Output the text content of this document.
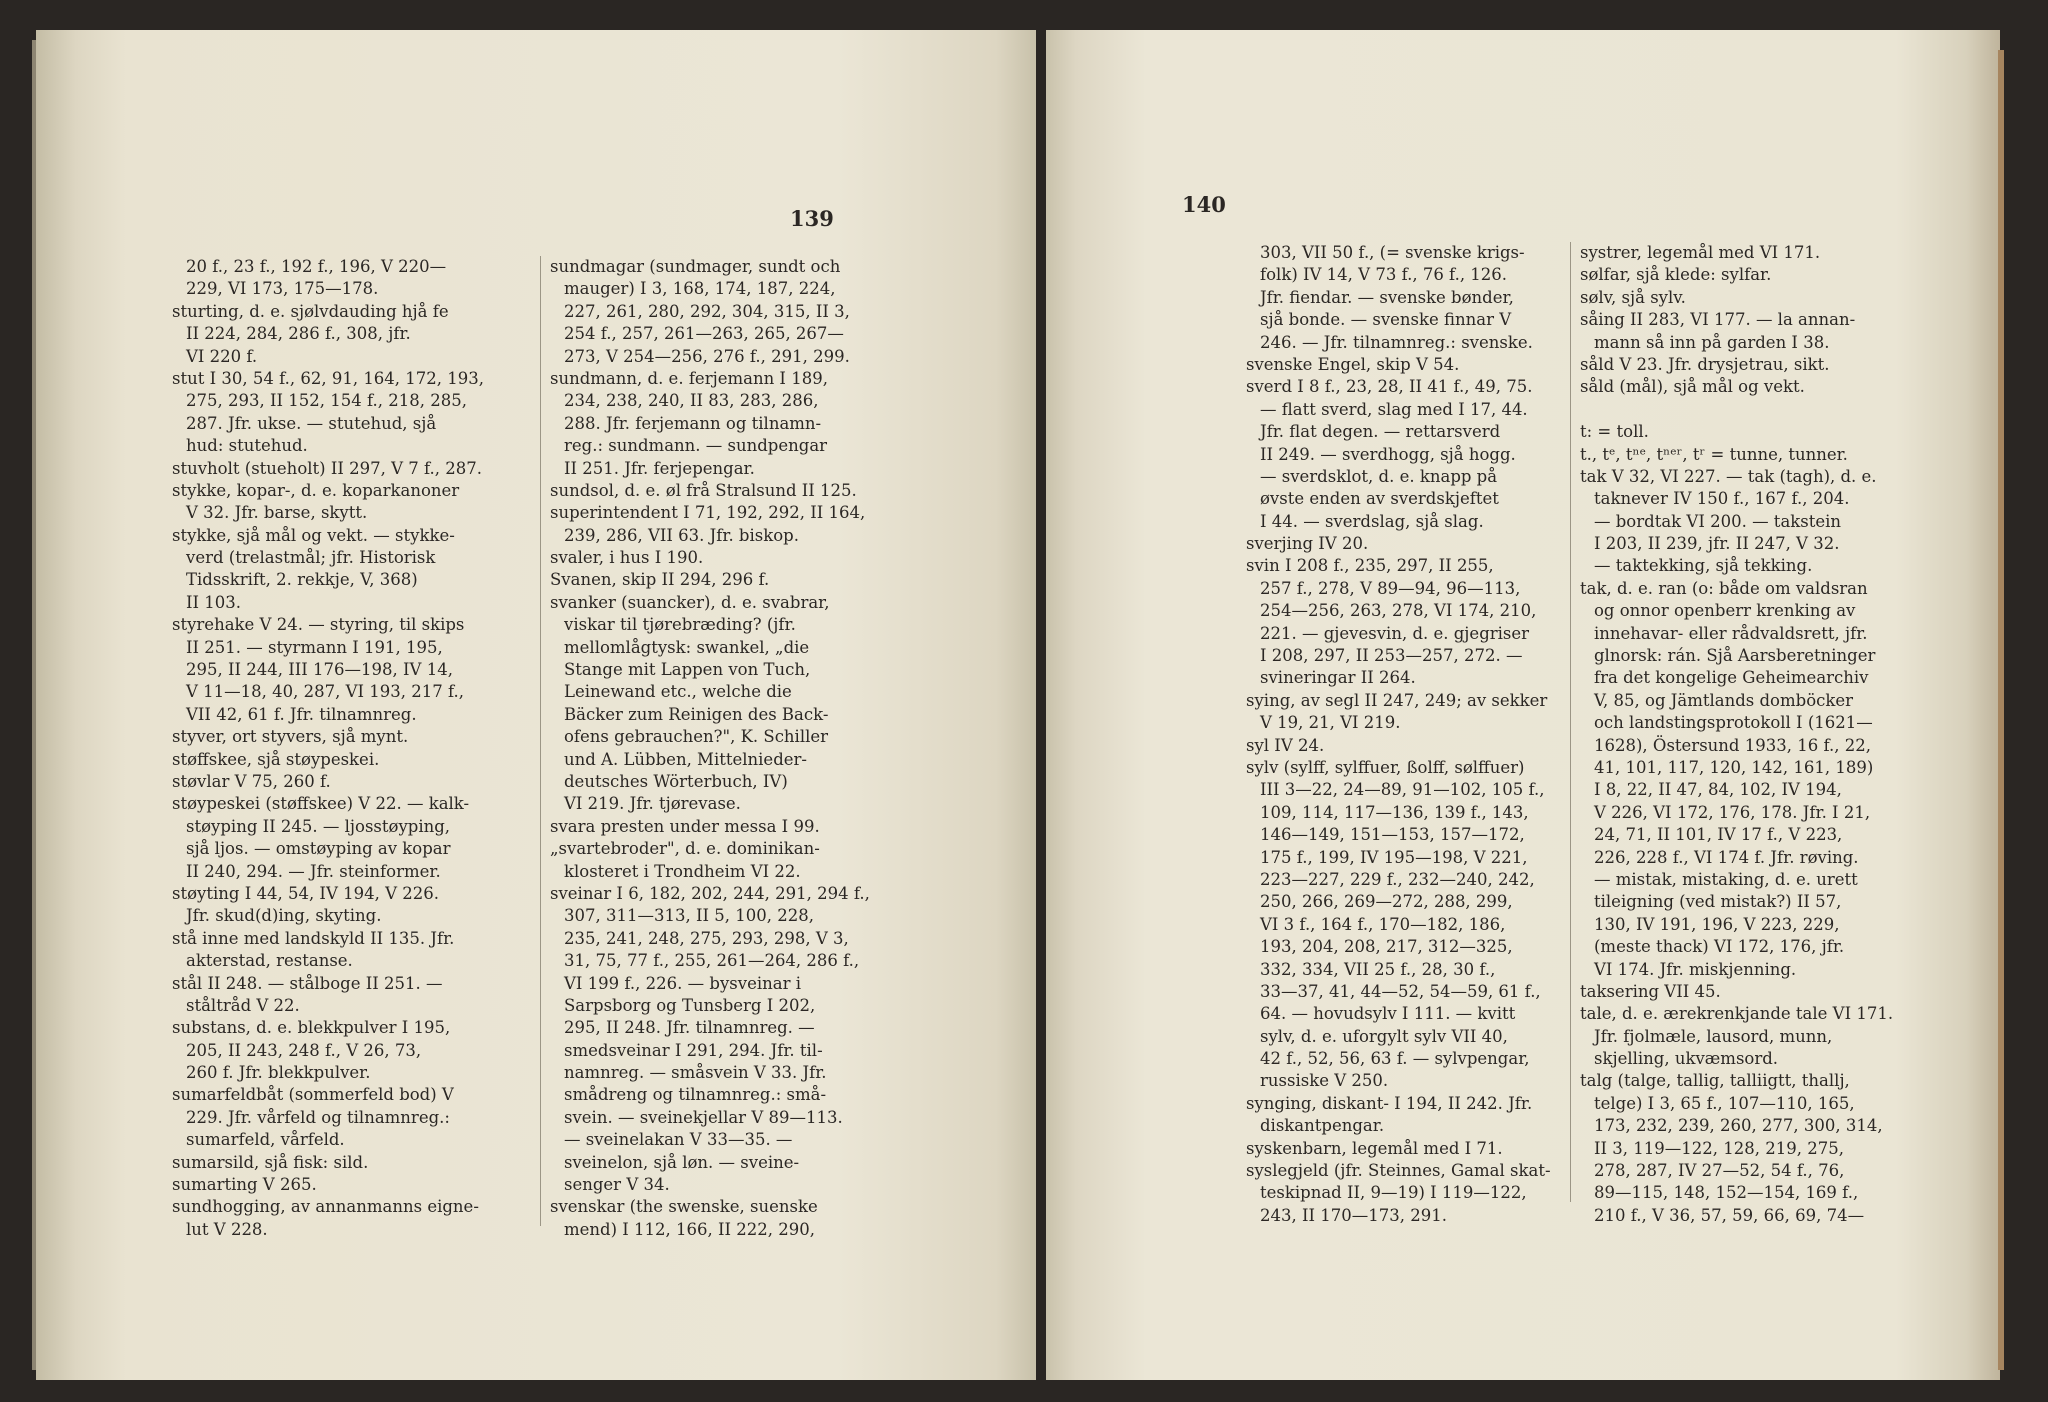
139
20 f., 23 f., 192 f., 196, V 220—
229, VI 173, 175—178.
sturting, d. e. sjølvdauding hjå fe
II 224, 284, 286 f., 308, jfr.
VI 220 f.
stut I 30, 54 f., 62, 91, 164, 172, 193,
275, 293, II 152, 154 f., 218, 285,
287. Jfr. ukse. — stutehud, sjå
hud: stutehud.
stuvholt (stueholt) II 297, V 7 f., 287.
stykke, kopar-, d. e. koparkanoner
V 32. Jfr. barse, skytt.
stykke, sjå mål og vekt. — stykke-
verd (trelastmål; jfr. Historisk
Tidsskrift, 2. rekkje, V, 368)
II 103.
styrehake V 24. — styring, til skips
II 251. — styrmann I 191, 195,
295, II 244, III 176—198, IV 14,
V 11—18, 40, 287, VI 193, 217 f.,
VII 42, 61 f. Jfr. tilnamnreg.
styver, ort styvers, sjå mynt.
støffskee, sjå støypeskei.
støvlar V 75, 260 f.
støypeskei (støffskee) V 22. — kalk-
støyping II 245. — ljosstøyping,
sjå ljos. — omstøyping av kopar
II 240, 294. — Jfr. steinformer.
støyting I 44, 54, IV 194, V 226.
Jfr. skud(d)ing, skyting.
stå inne med landskyld II 135. Jfr.
akterstad, restanse.
stål II 248. — stålboge II 251. —
ståltråd V 22.
substans, d. e. blekkpulver I 195,
205, II 243, 248 f., V 26, 73,
260 f. Jfr. blekkpulver.
sumarfeldbåt (sommerfeld bod) V
229. Jfr. vårfeld og tilnamnreg.:
sumarfeld, vårfeld.
sumarsild, sjå fisk: sild.
sumarting V 265.
sundhogging, av annanmanns eigne-
lut V 228.
sundmagar (sundmager, sundt och
mauger) I 3, 168, 174, 187, 224,
227, 261, 280, 292, 304, 315, II 3,
254 f., 257, 261—263, 265, 267—
273, V 254—256, 276 f., 291, 299.
sundmann, d. e. ferjemann I 189,
234, 238, 240, II 83, 283, 286,
288. Jfr. ferjemann og tilnamn-
reg.: sundmann. — sundpengar
II 251. Jfr. ferjepengar.
sundsol, d. e. øl frå Stralsund II 125.
superintendent I 71, 192, 292, II 164,
239, 286, VII 63. Jfr. biskop.
svaler, i hus I 190.
Svanen, skip II 294, 296 f.
svanker (suancker), d. e. svabrar,
viskar til tjørebræding? (jfr.
mellomlågtysk: swankel, „die
Stange mit Lappen von Tuch,
Leinewand etc., welche die
Bäcker zum Reinigen des Back-
ofens gebrauchen?", K. Schiller
und A. Lübben, Mittelnieder-
deutsches Wörterbuch, IV)
VI 219. Jfr. tjørevase.
svara presten under messa I 99.
„svartebroder", d. e. dominikan-
klosteret i Trondheim VI 22.
sveinar I 6, 182, 202, 244, 291, 294 f.,
307, 311—313, II 5, 100, 228,
235, 241, 248, 275, 293, 298, V 3,
31, 75, 77 f., 255, 261—264, 286 f.,
VI 199 f., 226. — bysveinar i
Sarpsborg og Tunsberg I 202,
295, II 248. Jfr. tilnamnreg. —
smedsveinar I 291, 294. Jfr. til-
namnreg. — småsvein V 33. Jfr.
smådreng og tilnamnreg.: små-
svein. — sveinekjellar V 89—113.
— sveinelakan V 33—35. —
sveinelon, sjå løn. — sveine-
senger V 34.
svenskar (the swenske, suenske
mend) I 112, 166, II 222, 290,
140
303, VII 50 f., (= svenske krigs-
folk) IV 14, V 73 f., 76 f., 126.
Jfr. fiendar. — svenske bønder,
sjå bonde. — svenske finnar V
246. — Jfr. tilnamnreg.: svenske.
svenske Engel, skip V 54.
sverd I 8 f., 23, 28, II 41 f., 49, 75.
— flatt sverd, slag med I 17, 44.
Jfr. flat degen. — rettarsverd
II 249. — sverdhogg, sjå hogg.
— sverdsklot, d. e. knapp på
øvste enden av sverdskjeftet
I 44. — sverdslag, sjå slag.
sverjing IV 20.
svin I 208 f., 235, 297, II 255,
257 f., 278, V 89—94, 96—113,
254—256, 263, 278, VI 174, 210,
221. — gjevesvin, d. e. gjegriser
I 208, 297, II 253—257, 272. —
svineringar II 264.
sying, av segl II 247, 249; av sekker
V 19, 21, VI 219.
syl IV 24.
sylv (sylff, sylffuer, ßolff, sølffuer)
III 3—22, 24—89, 91—102, 105 f.,
109, 114, 117—136, 139 f., 143,
146—149, 151—153, 157—172,
175 f., 199, IV 195—198, V 221,
223—227, 229 f., 232—240, 242,
250, 266, 269—272, 288, 299,
VI 3 f., 164 f., 170—182, 186,
193, 204, 208, 217, 312—325,
332, 334, VII 25 f., 28, 30 f.,
33—37, 41, 44—52, 54—59, 61 f.,
64. — hovudsylv I 111. — kvitt
sylv, d. e. uforgylt sylv VII 40,
42 f., 52, 56, 63 f. — sylvpengar,
russiske V 250.
synging, diskant- I 194, II 242. Jfr.
diskantpengar.
syskenbarn, legemål med I 71.
syslegjeld (jfr. Steinnes, Gamal skat-
teskipnad II, 9—19) I 119—122,
243, II 170—173, 291.
systrer, legemål med VI 171.
sølfar, sjå klede: sylfar.
sølv, sjå sylv.
såing II 283, VI 177. — la annan-
mann så inn på garden I 38.
såld V 23. Jfr. drysjetrau, sikt.
såld (mål), sjå mål og vekt.
t: = toll.
t., tᵉ, tⁿᵉ, tⁿᵉʳ, tʳ = tunne, tunner.
tak V 32, VI 227. — tak (tagh), d. e.
taknever IV 150 f., 167 f., 204.
— bordtak VI 200. — takstein
I 203, II 239, jfr. II 247, V 32.
— taktekking, sjå tekking.
tak, d. e. ran (o: både om valdsran
og onnor openberr krenking av
innehavar- eller rådvaldsrett, jfr.
glnorsk: rán. Sjå Aarsberetninger
fra det kongelige Geheimearchiv
V, 85, og Jämtlands domböcker
och landstingsprotokoll I (1621—
1628), Östersund 1933, 16 f., 22,
41, 101, 117, 120, 142, 161, 189)
I 8, 22, II 47, 84, 102, IV 194,
V 226, VI 172, 176, 178. Jfr. I 21,
24, 71, II 101, IV 17 f., V 223,
226, 228 f., VI 174 f. Jfr. røving.
— mistak, mistaking, d. e. urett
tileigning (ved mistak?) II 57,
130, IV 191, 196, V 223, 229,
(meste thack) VI 172, 176, jfr.
VI 174. Jfr. miskjenning.
taksering VII 45.
tale, d. e. ærekrenkjande tale VI 171.
Jfr. fjolmæle, lausord, munn,
skjelling, ukvæmsord.
talg (talge, tallig, talliigtt, thallj,
telge) I 3, 65 f., 107—110, 165,
173, 232, 239, 260, 277, 300, 314,
II 3, 119—122, 128, 219, 275,
278, 287, IV 27—52, 54 f., 76,
89—115, 148, 152—154, 169 f.,
210 f., V 36, 57, 59, 66, 69, 74—
